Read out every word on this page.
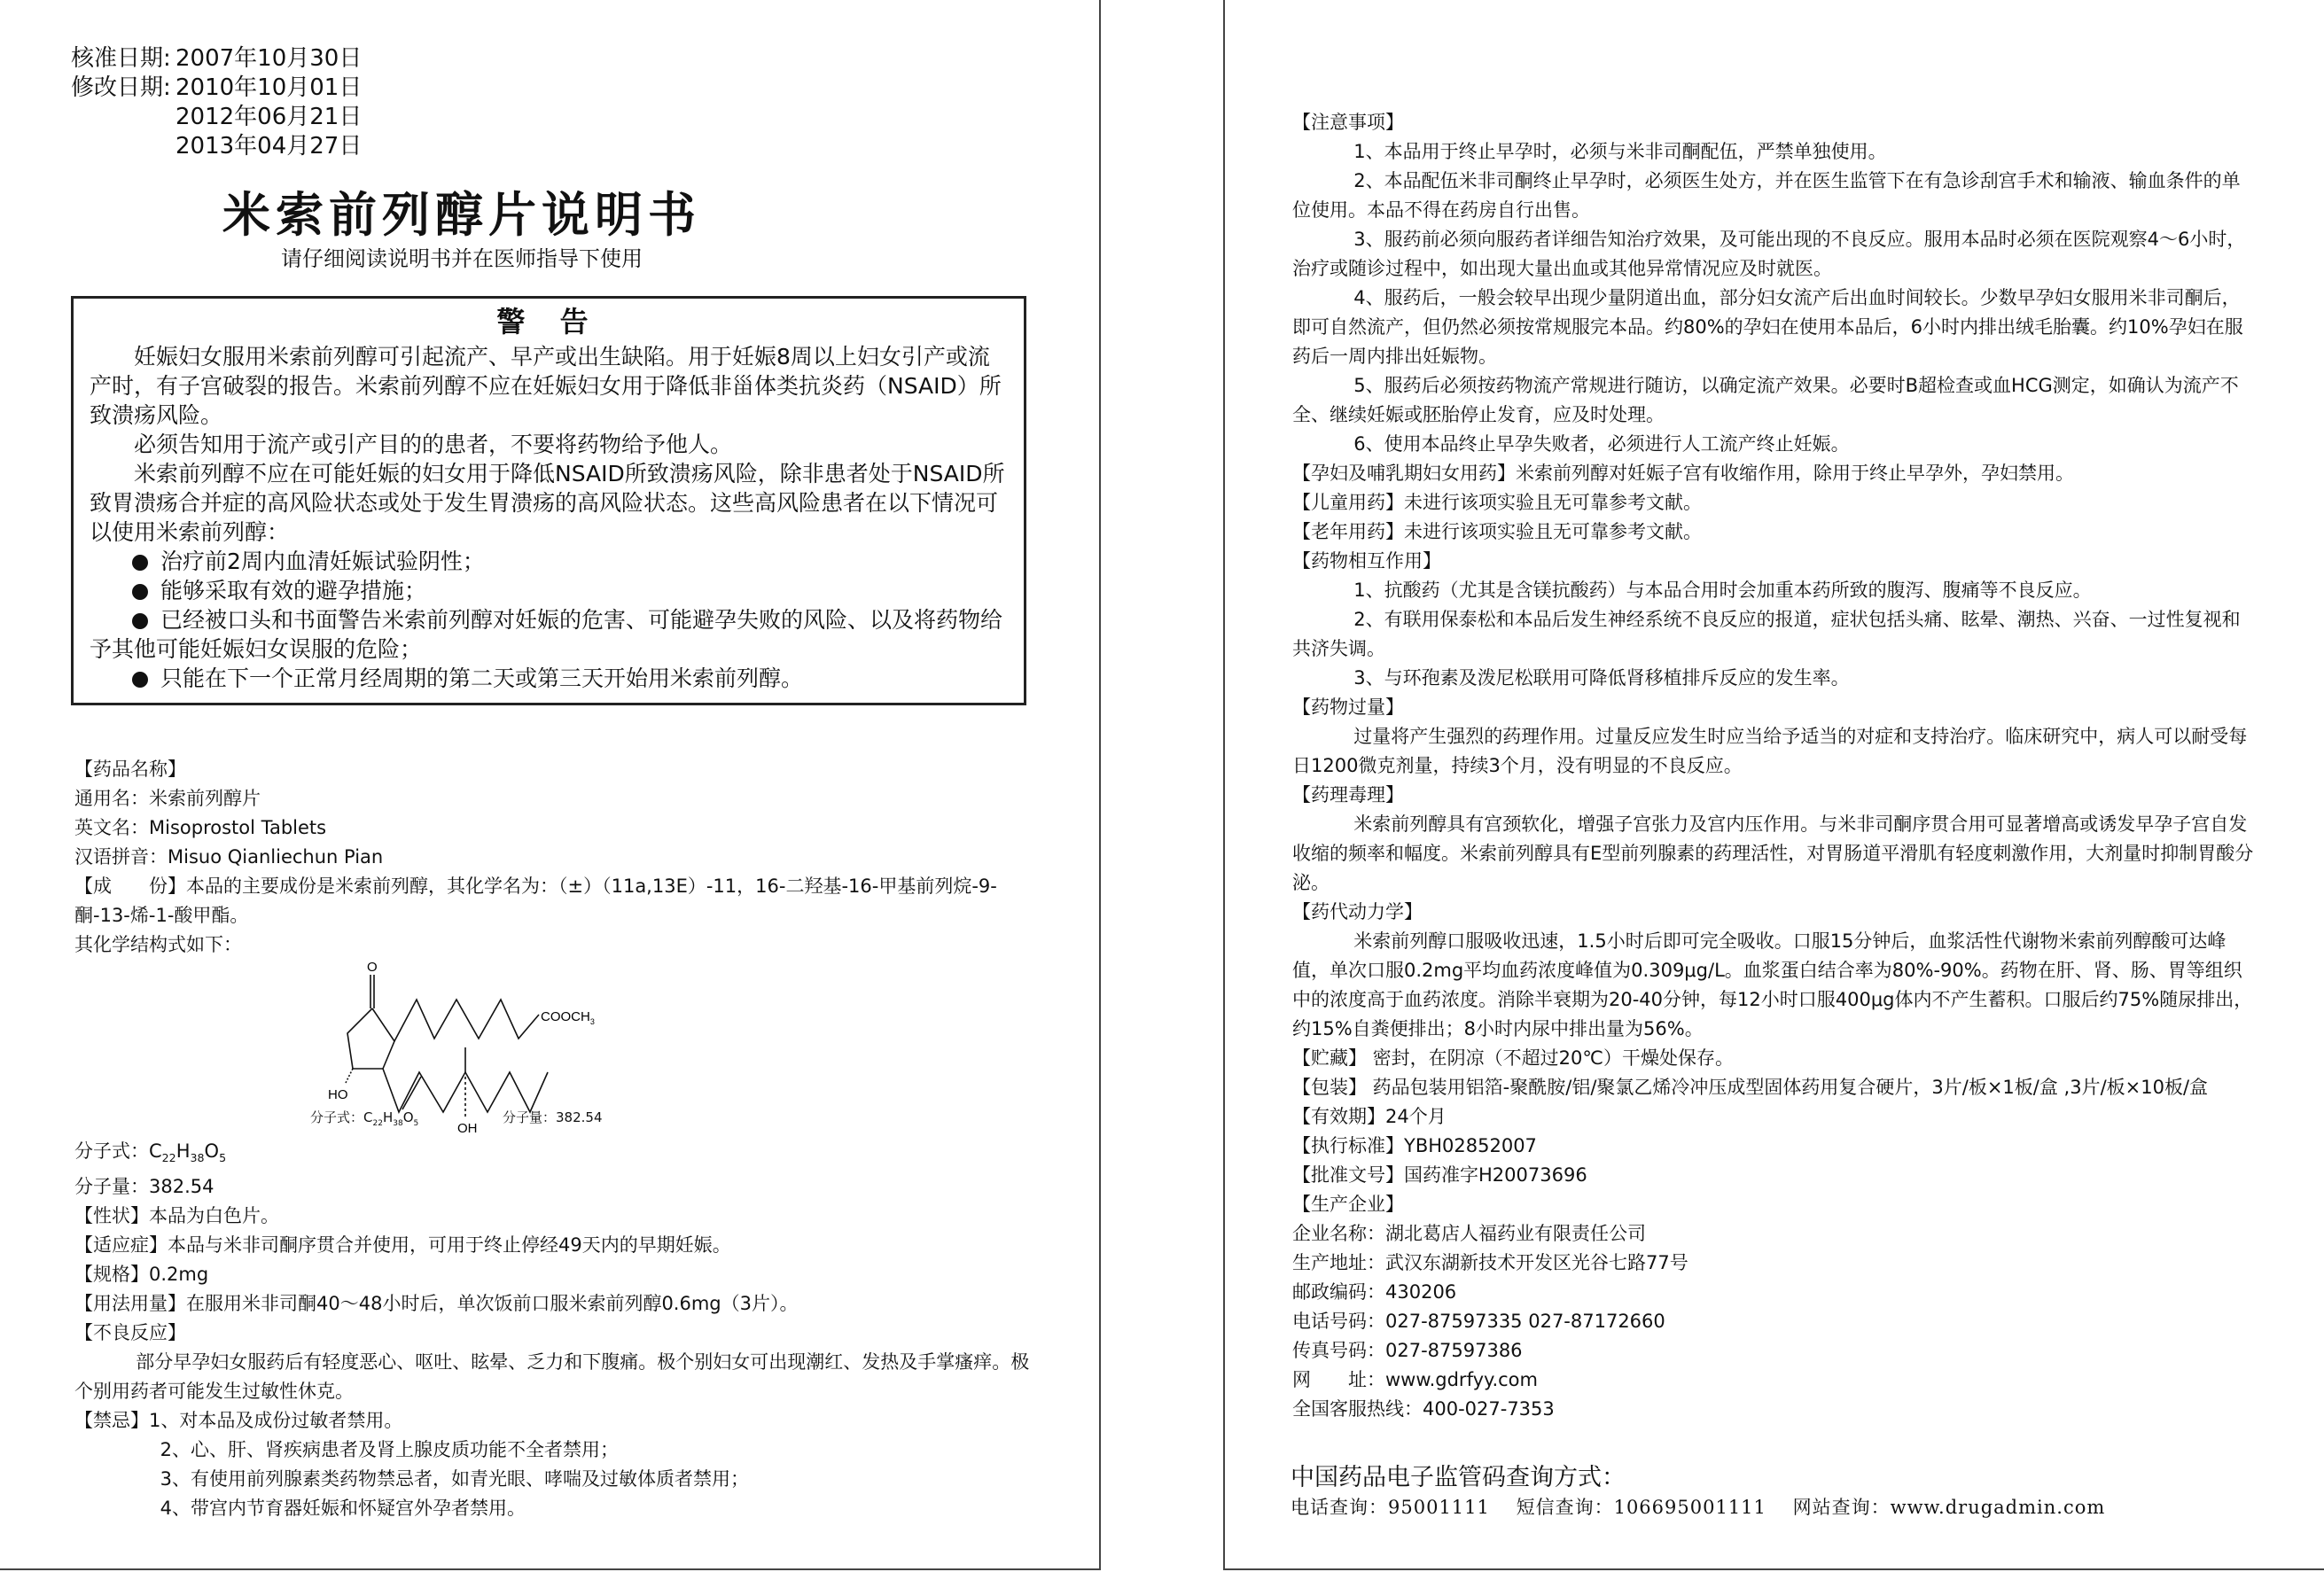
核准日期: 2007年10月30日
修改日期: 2010年10月01日
2012年06月21日
2013年04月27日
米索前列醇片说明书
请仔细阅读说明书并在医师指导下使用
警 告

妊娠妇女服用米索前列醇可引起流产、早产或出生缺陷。用于妊娠8周以上妇女引产或流产时，有子宫破裂的报告。米索前列醇不应在妊娠妇女用于降低非甾体类抗炎药（NSAID）所致溃疡风险。

必须告知用于流产或引产目的的患者，不要将药物给予他人。

米索前列醇不应在可能妊娠的妇女用于降低NSAID所致溃疡风险，除非患者处于NSAID所致胃溃疡合并症的高风险状态或处于发生胃溃疡的高风险状态。这些高风险患者在以下情况可以使用米索前列醇：

治疗前2周内血清妊娠试验阴性；

能够采取有效的避孕措施；

已经被口头和书面警告米索前列醇对妊娠的危害、可能避孕失败的风险、以及将药物给予其他可能妊娠妇女误服的危险；

只能在下一个正常月经周期的第二天或第三天开始用米索前列醇。

【药品名称】

通用名：米索前列醇片

英文名：Misoprostol Tablets

汉语拼音：Misuo Qianliechun Pian

【成　　份】本品的主要成份是米索前列醇，其化学名为：（±）（11a,13E）-11，16-二羟基-16-甲基前列烷-9-酮-13-烯-1-酸甲酯。

其化学结构式如下：

O
$COOCH_3$
HO
OH
分子式：$C_{22}H_{38}O_5$	分子量：382.54

分子式：$C_{22}H_{38}O_5$

分子量：382.54

【性状】本品为白色片。

【适应症】本品与米非司酮序贯合并使用，可用于终止停经49天内的早期妊娠。

【规格】0.2mg

【用法用量】在服用米非司酮40～48小时后，单次饭前口服米索前列醇0.6mg（3片）。

【不良反应】

部分早孕妇女服药后有轻度恶心、呕吐、眩晕、乏力和下腹痛。极个别妇女可出现潮红、发热及手掌瘙痒。极个别用药者可能发生过敏性休克。

【禁忌】1、对本品及成份过敏者禁用。

2、心、肝、肾疾病患者及肾上腺皮质功能不全者禁用；

3、有使用前列腺素类药物禁忌者，如青光眼、哮喘及过敏体质者禁用；

4、带宫内节育器妊娠和怀疑宫外孕者禁用。

【注意事项】

1、本品用于终止早孕时，必须与米非司酮配伍，严禁单独使用。

2、本品配伍米非司酮终止早孕时，必须医生处方，并在医生监管下在有急诊刮宫手术和输液、输血条件的单位使用。本品不得在药房自行出售。

3、服药前必须向服药者详细告知治疗效果，及可能出现的不良反应。服用本品时必须在医院观察4～6小时，治疗或随诊过程中，如出现大量出血或其他异常情况应及时就医。

4、服药后，一般会较早出现少量阴道出血，部分妇女流产后出血时间较长。少数早孕妇女服用米非司酮后，即可自然流产，但仍然必须按常规服完本品。约80%的孕妇在使用本品后，6小时内排出绒毛胎囊。约10%孕妇在服药后一周内排出妊娠物。

5、服药后必须按药物流产常规进行随访，以确定流产效果。必要时B超检查或血HCG测定，如确认为流产不全、继续妊娠或胚胎停止发育，应及时处理。

6、使用本品终止早孕失败者，必须进行人工流产终止妊娠。

【孕妇及哺乳期妇女用药】米索前列醇对妊娠子宫有收缩作用，除用于终止早孕外，孕妇禁用。

【儿童用药】未进行该项实验且无可靠参考文献。

【老年用药】未进行该项实验且无可靠参考文献。

【药物相互作用】

1、抗酸药（尤其是含镁抗酸药）与本品合用时会加重本药所致的腹泻、腹痛等不良反应。

2、有联用保泰松和本品后发生神经系统不良反应的报道，症状包括头痛、眩晕、潮热、兴奋、一过性复视和共济失调。

3、与环孢素及泼尼松联用可降低肾移植排斥反应的发生率。

【药物过量】

过量将产生强烈的药理作用。过量反应发生时应当给予适当的对症和支持治疗。临床研究中，病人可以耐受每日1200微克剂量，持续3个月，没有明显的不良反应。

【药理毒理】

米索前列醇具有宫颈软化，增强子宫张力及宫内压作用。与米非司酮序贯合用可显著增高或诱发早孕子宫自发收缩的频率和幅度。米索前列醇具有E型前列腺素的药理活性，对胃肠道平滑肌有轻度刺激作用，大剂量时抑制胃酸分泌。

【药代动力学】

米索前列醇口服吸收迅速，1.5小时后即可完全吸收。口服15分钟后，血浆活性代谢物米索前列醇酸可达峰值，单次口服0.2mg平均血药浓度峰值为0.309μg/L。血浆蛋白结合率为80%-90%。药物在肝、肾、肠、胃等组织中的浓度高于血药浓度。消除半衰期为20-40分钟，每12小时口服400μg体内不产生蓄积。口服后约75%随尿排出，约15%自粪便排出；8小时内尿中排出量为56%。

【贮藏】 密封，在阴凉（不超过20℃）干燥处保存。

【包装】 药品包装用铝箔-聚酰胺/铝/聚氯乙烯冷冲压成型固体药用复合硬片，3片/板×1板/盒 ,3片/板×10板/盒

【有效期】24个月

【执行标准】YBH02852007

【批准文号】国药准字H20073696

【生产企业】

企业名称：湖北葛店人福药业有限责任公司

生产地址：武汉东湖新技术开发区光谷七路77号

邮政编码：430206

电话号码：027-87597335 027-87172660

传真号码：027-87597386

网　　址：www.gdrfyy.com

全国客服热线：400-027-7353

中国药品电子监管码查询方式：
电话查询：95001111 短信查询：106695001111 网站查询：www.drugadmin.com
